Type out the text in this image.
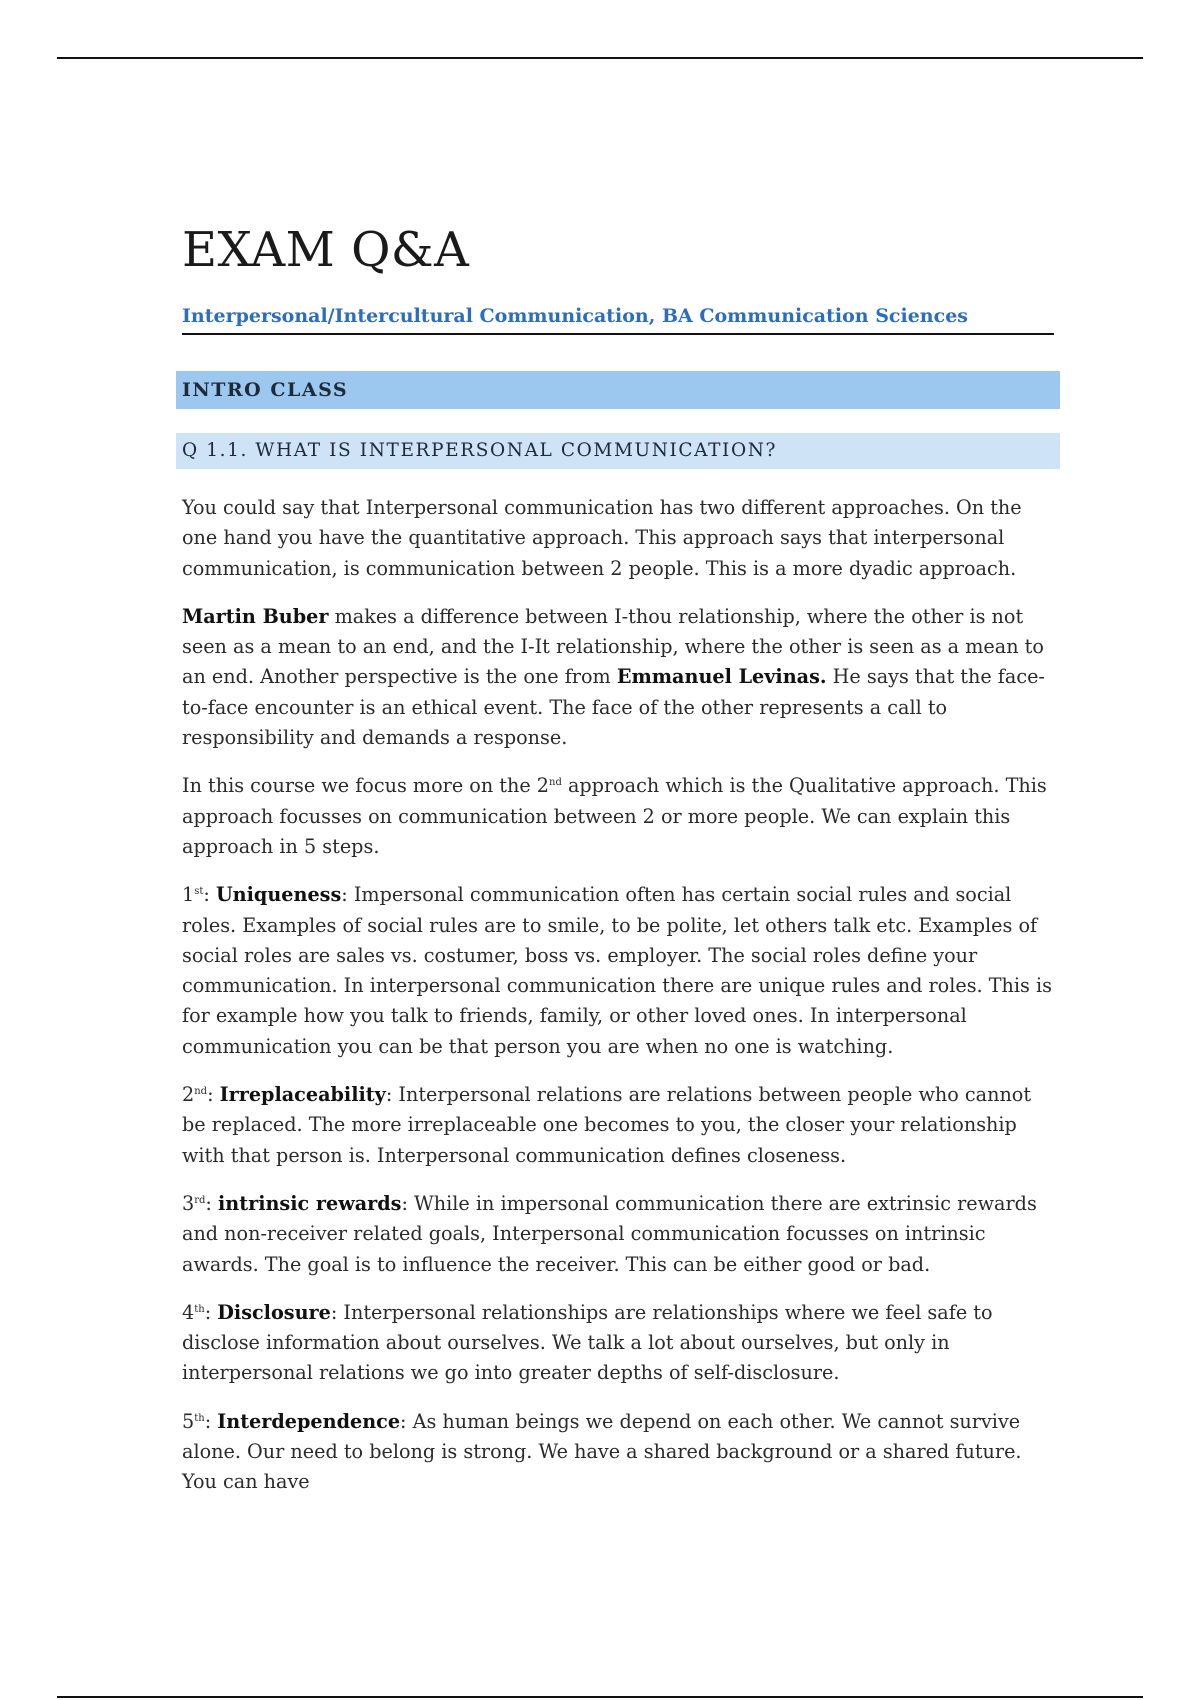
EXAM Q&A
Interpersonal/Intercultural Communication, BA Communication Sciences
INTRO CLASS
Q 1.1. WHAT IS INTERPERSONAL COMMUNICATION?

You could say that Interpersonal communication has two different approaches. On the one hand you have the quantitative approach. This approach says that interpersonal communication, is communication between 2 people. This is a more dyadic approach.

Martin Buber makes a difference between I-thou relationship, where the other is not seen as a mean to an end, and the I-It relationship, where the other is seen as a mean to an end. Another perspective is the one from Emmanuel Levinas. He says that the face-to-face encounter is an ethical event. The face of the other represents a call to responsibility and demands a response.

In this course we focus more on the 2nd approach which is the Qualitative approach. This approach focusses on communication between 2 or more people. We can explain this approach in 5 steps.

1st: Uniqueness: Impersonal communication often has certain social rules and social roles. Examples of social rules are to smile, to be polite, let others talk etc. Examples of social roles are sales vs. costumer, boss vs. employer. The social roles define your communication. In interpersonal communication there are unique rules and roles. This is for example how you talk to friends, family, or other loved ones. In interpersonal communication you can be that person you are when no one is watching.

2nd: Irreplaceability: Interpersonal relations are relations between people who cannot be replaced. The more irreplaceable one becomes to you, the closer your relationship with that person is. Interpersonal communication defines closeness.

3rd: intrinsic rewards: While in impersonal communication there are extrinsic rewards and non-receiver related goals, Interpersonal communication focusses on intrinsic awards. The goal is to influence the receiver. This can be either good or bad.

4th: Disclosure: Interpersonal relationships are relationships where we feel safe to disclose information about ourselves. We talk a lot about ourselves, but only in interpersonal relations we go into greater depths of self-disclosure.

5th: Interdependence: As human beings we depend on each other. We cannot survive alone. Our need to belong is strong. We have a shared background or a shared future. You can have
